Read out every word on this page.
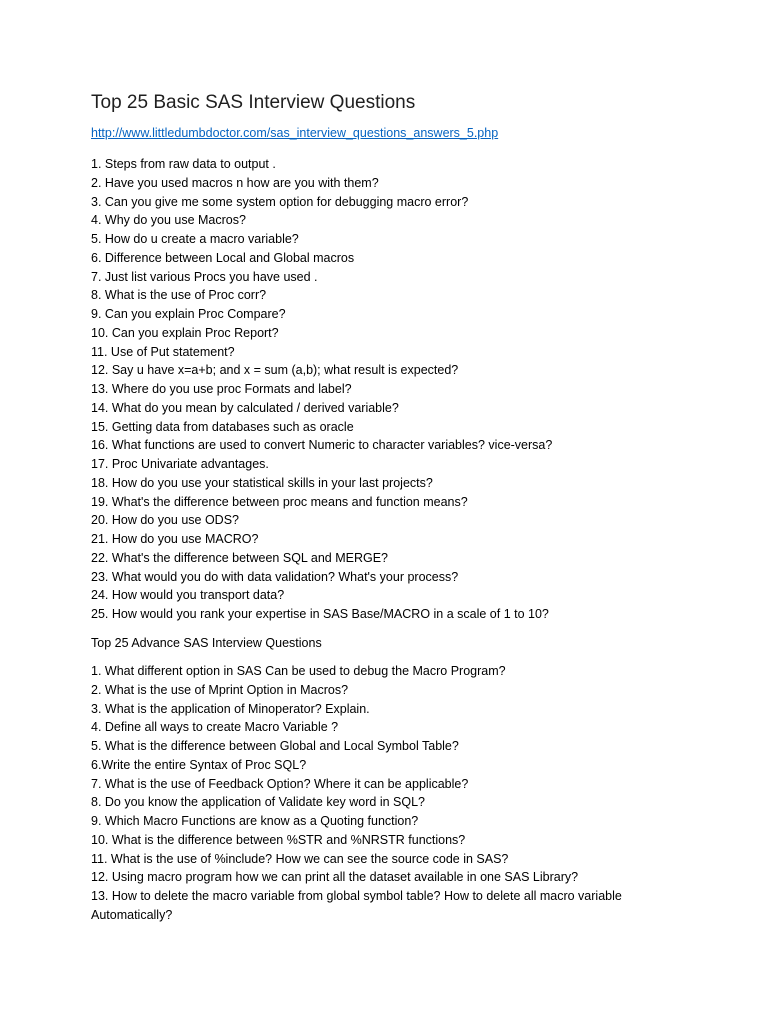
Top 25 Basic SAS Interview Questions
http://www.littledumbdoctor.com/sas_interview_questions_answers_5.php
1. Steps from raw data to output .
2. Have you used macros n how are you with them?
3. Can you give me some system option for debugging macro error?
4. Why do you use Macros?
5. How do u create a macro variable?
6. Difference between Local and Global macros
7. Just list various Procs you have used .
8. What is the use of Proc corr?
9. Can you explain Proc Compare?
10. Can you explain Proc Report?
11. Use of Put statement?
12. Say u have x=a+b; and x = sum (a,b); what result is expected?
13. Where do you use proc Formats and label?
14. What do you mean by calculated / derived variable?
15. Getting data from databases such as oracle
16. What functions are used to convert Numeric to character variables? vice-versa?
17. Proc Univariate advantages.
18. How do you use your statistical skills in your last projects?
19. What's the difference between proc means and function means?
20. How do you use ODS?
21. How do you use MACRO?
22. What's the difference between SQL and MERGE?
23. What would you do with data validation? What's your process?
24. How would you transport data?
25. How would you rank your expertise in SAS Base/MACRO in a scale of 1 to 10?
Top 25 Advance SAS Interview Questions
1. What different option in SAS Can be used to debug the Macro Program?
2. What is the use of Mprint Option in Macros?
3. What is the application of Minoperator? Explain.
4. Define all ways to create Macro Variable ?
5. What is the difference between Global and Local Symbol Table?
6.Write the entire Syntax of Proc SQL?
7. What is the use of Feedback Option? Where it can be applicable?
8. Do you know the application of Validate key word in SQL?
9. Which Macro Functions are know as a Quoting function?
10. What is the difference between %STR and %NRSTR functions?
11. What is the use of %include? How we can see the source code in SAS?
12. Using macro program how we can print all the dataset available in one SAS Library?
13. How to delete the macro variable from global symbol table? How to delete all macro variable Automatically?
